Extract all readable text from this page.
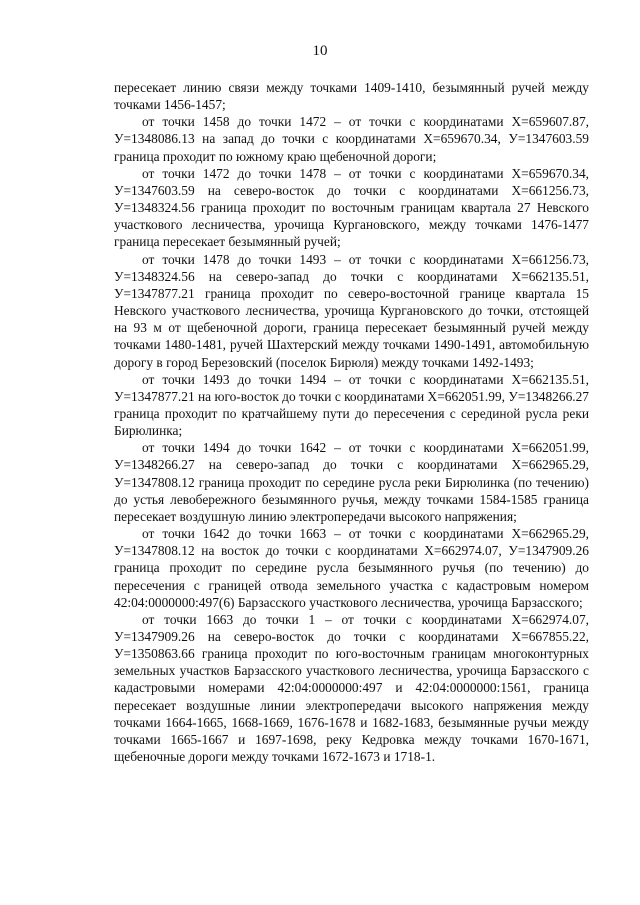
10

пересекает линию связи между точками 1409-1410, безымянный ручей между точками 1456-1457;

от точки 1458 до точки 1472 – от точки с координатами Х=659607.87, У=1348086.13 на запад до точки с координатами Х=659670.34, У=1347603.59 граница проходит по южному краю щебеночной дороги;

от точки 1472 до точки 1478 – от точки с координатами Х=659670.34, У=1347603.59 на северо-восток до точки с координатами Х=661256.73, У=1348324.56 граница проходит по восточным границам квартала 27 Невского участкового лесничества, урочища Кургановского, между точками 1476-1477 граница пересекает безымянный ручей;

от точки 1478 до точки 1493 – от точки с координатами Х=661256.73, У=1348324.56 на северо-запад до точки с координатами Х=662135.51, У=1347877.21 граница проходит по северо-восточной границе квартала 15 Невского участкового лесничества, урочища Кургановского до точки, отстоящей на 93 м от щебеночной дороги, граница пересекает безымянный ручей между точками 1480-1481, ручей Шахтерский между точками 1490-1491, автомобильную дорогу в город Березовский (поселок Бирюля) между точками 1492-1493;

от точки 1493 до точки 1494 – от точки с координатами Х=662135.51, У=1347877.21 на юго-восток до точки с координатами Х=662051.99, У=1348266.27 граница проходит по кратчайшему пути до пересечения с серединой русла реки Бирюлинка;

от точки 1494 до точки 1642 – от точки с координатами Х=662051.99, У=1348266.27 на северо-запад до точки с координатами Х=662965.29, У=1347808.12 граница проходит по середине русла реки Бирюлинка (по течению) до устья левобережного безымянного ручья, между точками 1584-1585 граница пересекает воздушную линию электропередачи высокого напряжения;

от точки 1642 до точки 1663 – от точки с координатами Х=662965.29, У=1347808.12 на восток до точки с координатами Х=662974.07, У=1347909.26 граница проходит по середине русла безымянного ручья (по течению) до пересечения с границей отвода земельного участка с кадастровым номером 42:04:0000000:497(6) Барзасского участкового лесничества, урочища Барзасского;

от точки 1663 до точки 1 – от точки с координатами Х=662974.07, У=1347909.26 на северо-восток до точки с координатами Х=667855.22, У=1350863.66 граница проходит по юго-восточным границам многоконтурных земельных участков Барзасского участкового лесничества, урочища Барзасского с кадастровыми номерами 42:04:0000000:497 и 42:04:0000000:1561, граница пересекает воздушные линии электропередачи высокого напряжения между точками 1664-1665, 1668-1669, 1676-1678 и 1682-1683, безымянные ручьи между точками 1665-1667 и 1697-1698, реку Кедровка между точками 1670-1671, щебеночные дороги между точками 1672-1673 и 1718-1.
